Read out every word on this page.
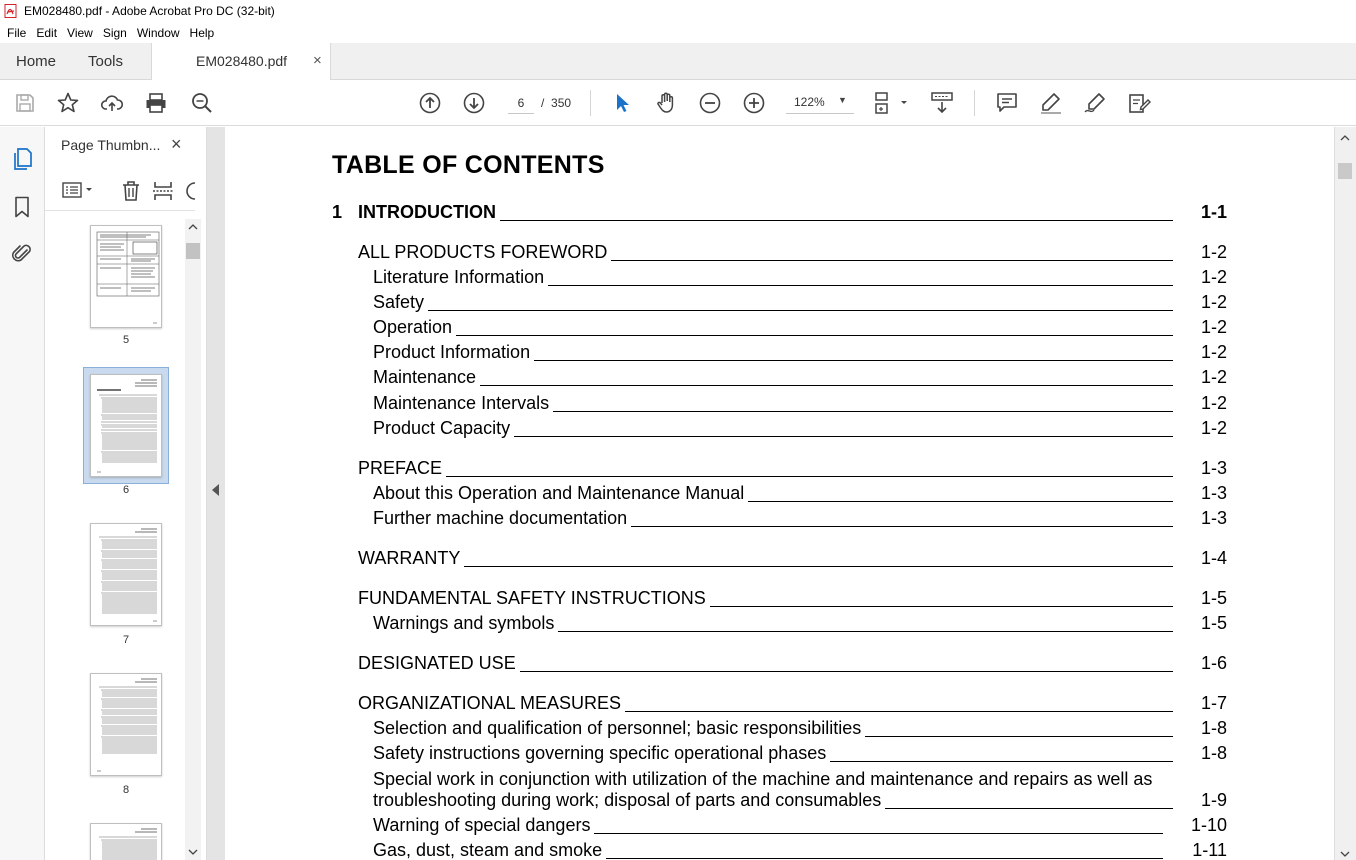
EM028480.pdf - Adobe Acrobat Pro DC (32-bit)
File Edit View Sign Window Help
Home Tools	EM028480.pdf ×
6
/ 350	122% ▼
Page Thumbn... ×
5
6
7
8
TABLE OF CONTENTS
1 INTRODUCTION	1-1
ALL PRODUCTS FOREWORD	1-2
Literature Information	1-2
Safety	1-2
Operation	1-2
Product Information	1-2
Maintenance	1-2
Maintenance Intervals	1-2
Product Capacity	1-2
PREFACE	1-3
About this Operation and Maintenance Manual	1-3
Further machine documentation	1-3
WARRANTY	1-4
FUNDAMENTAL SAFETY INSTRUCTIONS	1-5
Warnings and symbols	1-5
DESIGNATED USE	1-6
ORGANIZATIONAL MEASURES	1-7
Selection and qualification of personnel; basic responsibilities	1-8
Safety instructions governing specific operational phases	1-8
Special work in conjunction with utilization of the machine and maintenance and repairs as well as
troubleshooting during work; disposal of parts and consumables	1-9
Warning of special dangers	1-10
Gas, dust, steam and smoke	1-11
